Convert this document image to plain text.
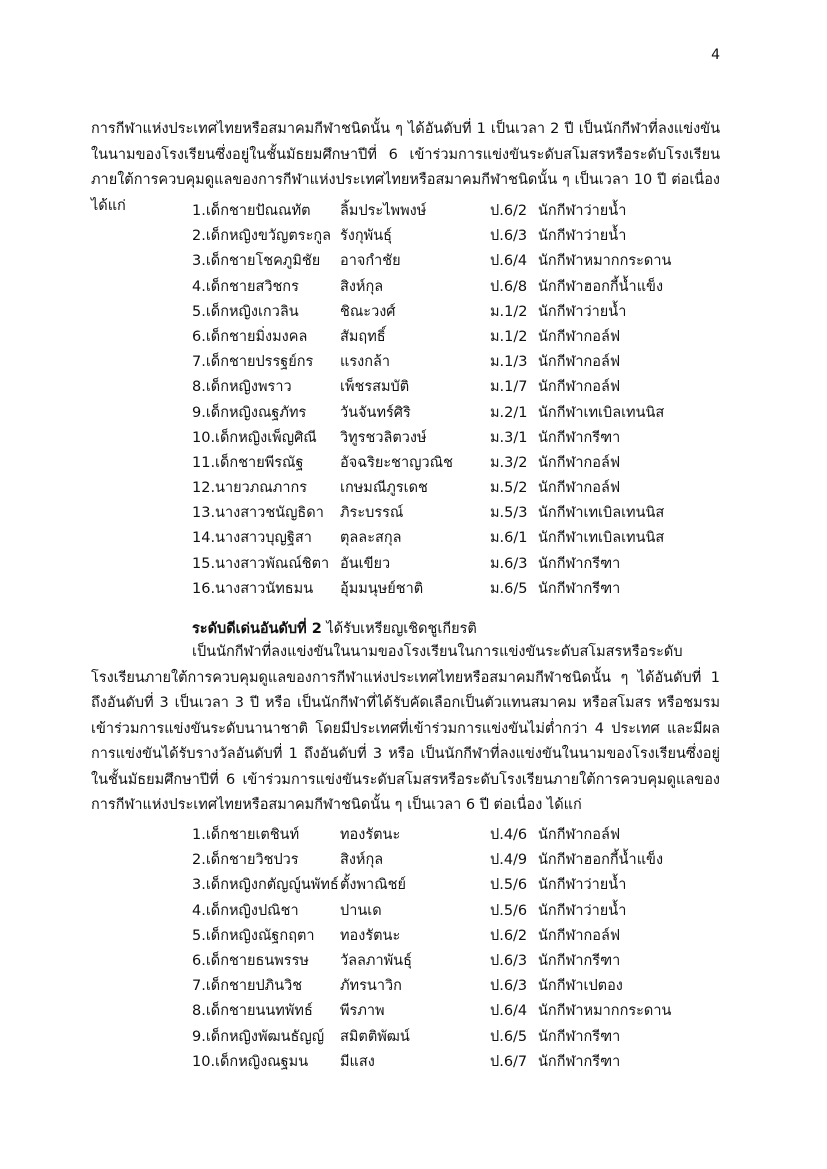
4

การกีฬาแห่งประเทศไทยหรือสมาคมกีฬาชนิดนั้น ๆ ได้อันดับที่ 1 เป็นเวลา 2 ปี เป็นนักกีฬาที่ลงแข่งขันในนามของโรงเรียนซึ่งอยู่ในชั้นมัธยมศึกษาปีที่ 6 เข้าร่วมการแข่งขันระดับสโมสรหรือระดับโรงเรียนภายใต้การควบคุมดูแลของการกีฬาแห่งประเทศไทยหรือสมาคมกีฬาชนิดนั้น ๆ เป็นเวลา 10 ปี ต่อเนื่อง ได้แก่	1.เด็กชายปัณณทัต ลิ้มประไพพงษ์	ป.6/2 นักกีฬาว่ายน้ำ
2.เด็กหญิงขวัญตระกูล รังกุพันธุ์	ป.6/3 นักกีฬาว่ายน้ำ
3.เด็กชายโชคภูมิชัย อาจกำชัย	ป.6/4 นักกีฬาหมากกระดาน
4.เด็กชายสวิชกร	สิงห์กุล	ป.6/8 นักกีฬาฮอกกี้น้ำแข็ง
5.เด็กหญิงเกวลิน	ชิณะวงศ์	ม.1/2 นักกีฬาว่ายน้ำ
6.เด็กชายมิ่งมงคล สัมฤทธิ์	ม.1/2 นักกีฬากอล์ฟ
7.เด็กชายปรรฐย์กร แรงกล้า	ม.1/3 นักกีฬากอล์ฟ
8.เด็กหญิงพราว	เพ็ชรสมบัติ	ม.1/7 นักกีฬากอล์ฟ
9.เด็กหญิงณฐภัทร วันจันทร์ศิริ	ม.2/1 นักกีฬาเทเบิลเทนนิส
10.เด็กหญิงเพ็ญศิณี วิทูรชวลิตวงษ์	ม.3/1 นักกีฬากรีฑา
11.เด็กชายพีรณัฐ	อัจฉริยะชาญวณิช	ม.3/2 นักกีฬากอล์ฟ
12.นายวภณภากร เกษมณีภูรเดช	ม.5/2 นักกีฬากอล์ฟ
13.นางสาวชนัญธิดา ภิระบรรณ์	ม.5/3 นักกีฬาเทเบิลเทนนิส
14.นางสาวบุญฐิสา ตุลละสกุล	ม.6/1 นักกีฬาเทเบิลเทนนิส
15.นางสาวพัณณ์ชิตา อันเขียว	ม.6/3 นักกีฬากรีฑา
16.นางสาวนัทธมน อุ้มมนุษย์ชาติ	ม.6/5 นักกีฬากรีฑา

ระดับดีเด่นอันดับที่ 2 ได้รับเหรียญเชิดชูเกียรติ

เป็นนักกีฬาที่ลงแข่งขันในนามของโรงเรียนในการแข่งขันระดับสโมสรหรือระดับโรงเรียนภายใต้การควบคุมดูแลของการกีฬาแห่งประเทศไทยหรือสมาคมกีฬาชนิดนั้น ๆ ได้อันดับที่ 1 ถึงอันดับที่ 3 เป็นเวลา 3 ปี หรือ เป็นนักกีฬาที่ได้รับคัดเลือกเป็นตัวแทนสมาคม หรือสโมสร หรือชมรม เข้าร่วมการแข่งขันระดับนานาชาติ โดยมีประเทศที่เข้าร่วมการแข่งขันไม่ต่ำกว่า 4 ประเทศ และมีผลการแข่งขันได้รับรางวัลอันดับที่ 1 ถึงอันดับที่ 3 หรือ เป็นนักกีฬาที่ลงแข่งขันในนามของโรงเรียนซึ่งอยู่ในชั้นมัธยมศึกษาปีที่ 6 เข้าร่วมการแข่งขันระดับสโมสรหรือระดับโรงเรียนภายใต้การควบคุมดูแลของการกีฬาแห่งประเทศไทยหรือสมาคมกีฬาชนิดนั้น ๆ เป็นเวลา 6 ปี ต่อเนื่อง ได้แก่

1.เด็กชายเตชินท์	ทองรัตนะ	ป.4/6 นักกีฬากอล์ฟ
2.เด็กชายวิชปวร	สิงห์กุล	ป.4/9 นักกีฬาฮอกกี้น้ำแข็ง
3.เด็กหญิงกตัญญู์นพัทธ์ ตั้งพาณิชย์	ป.5/6 นักกีฬาว่ายน้ำ
4.เด็กหญิงปณิชา	ปานเด	ป.5/6 นักกีฬาว่ายน้ำ
5.เด็กหญิงณัฐกฤตา ทองรัตนะ	ป.6/2 นักกีฬากอล์ฟ
6.เด็กชายธนพรรษ วัลลภาพันธุ์	ป.6/3 นักกีฬากรีฑา
7.เด็กชายปภินวิช	ภัทรนาวิก	ป.6/3 นักกีฬาเปตอง
8.เด็กชายนนทพัทธ์ พีรภาพ	ป.6/4 นักกีฬาหมากกระดาน
9.เด็กหญิงพัฒนธัญญ์ สมิตติพัฒน์	ป.6/5 นักกีฬากรีฑา
10.เด็กหญิงณฐมน มีแสง	ป.6/7 นักกีฬากรีฑา
